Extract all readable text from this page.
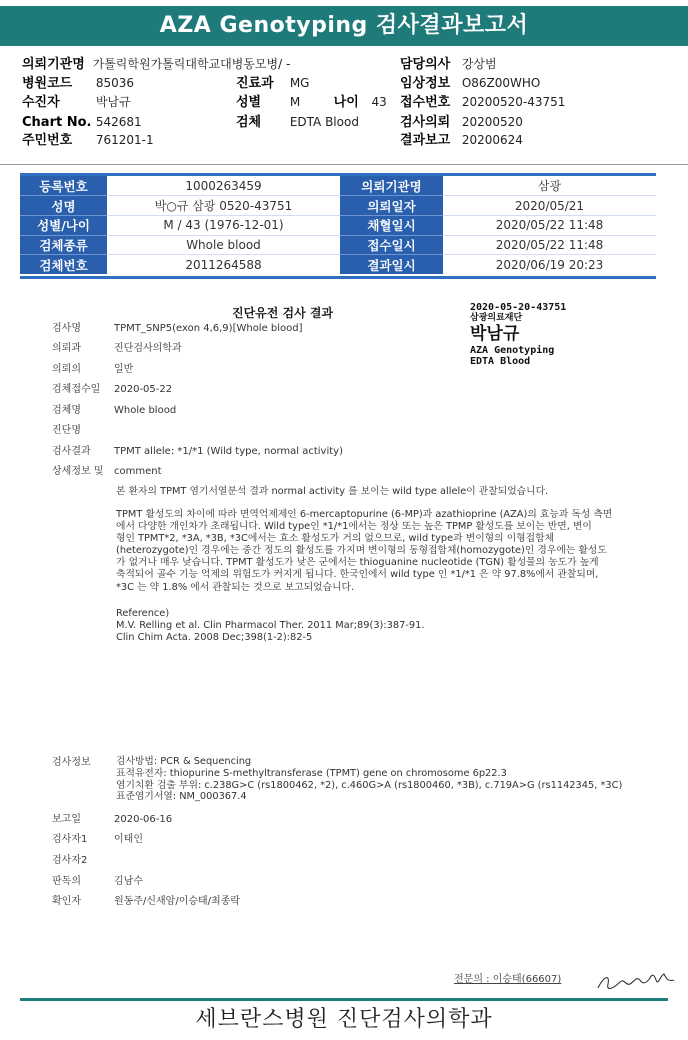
AZA Genotyping 검사결과보고서
의뢰기관명 가톨릭학원가톨릭대학교대병동모병/ -
병원코드 85036
수진자	박남규
Chart No. 542681
주민번호 761201-1
진료과 MG
성별 M	나이 43
검체 EDTA Blood
담당의사 강상범
임상정보 O86Z00WHO
접수번호 20200520-43751
검사의뢰 20200520
결과보고 20200624
등록번호	1000263459	의뢰기관명	삼광
성명	박○규 삼광 0520-43751	의뢰일자	2020/05/21
성별/나이	M / 43 (1976-12-01)	채혈일시	2020/05/22 11:48
검체종류	Whole blood	접수일시	2020/05/22 11:48
검체번호	2011264588	결과일시	2020/06/19 20:23
진단유전 검사 결과	2020-05-20-43751
삼광의료재단
박남규
AZA Genotyping
EDTA Blood
검사명	TPMT_SNP5(exon 4,6,9)[Whole blood]
의뢰과	진단검사의학과
의뢰의	일반
검체접수일	2020-05-22
검체명	Whole blood
진단명
검사결과	TPMT allele: *1/*1 (Wild type, normal activity)
상세정보 및	comment
본 환자의 TPMT 염기서열분석 결과 normal activity 를 보이는 wild type allele이 관찰되었습니다.
TPMT 활성도의 차이에 따라 면역억제제인 6-mercaptopurine (6-MP)과 azathioprine (AZA)의 효능과 독성 측면
에서 다양한 개인차가 초래됩니다. Wild type인 *1/*1에서는 정상 또는 높은 TPMP 활성도를 보이는 반면, 변이
형인 TPMT*2, *3A, *3B, *3C에서는 효소 활성도가 거의 없으므로, wild type과 변이형의 이형접합체
(heterozygote)인 경우에는 중간 정도의 활성도를 가지며 변이형의 동형접합체(homozygote)인 경우에는 활성도
가 없거나 매우 낮습니다. TPMT 활성도가 낮은 군에서는 thioguanine nucleotide (TGN) 활성물의 농도가 높게
축적되어 골수 기능 억제의 위험도가 커지게 됩니다. 한국인에서 wild type 인 *1/*1 은 약 97.8%에서 관찰되며,
*3C 는 약 1.8% 에서 관찰되는 것으로 보고되었습니다.
Reference)
M.V. Relling et al. Clin Pharmacol Ther. 2011 Mar;89(3):387-91.
Clin Chim Acta. 2008 Dec;398(1-2):82-5
검사정보	검사방법: PCR & Sequencing
표적유전자: thiopurine S-methyltransferase (TPMT) gene on chromosome 6p22.3
염기치환 검출 부위: c.238G>C (rs1800462, *2), c.460G>A (rs1800460, *3B), c.719A>G (rs1142345, *3C)
표준염기서열: NM_000367.4
보고일	2020-06-16
검사자1	이태인
검사자2
판독의	김남수
확인자	원동주/신새암/이승태/최종락
전문의 : 이승태(66607)
세브란스병원 진단검사의학과
